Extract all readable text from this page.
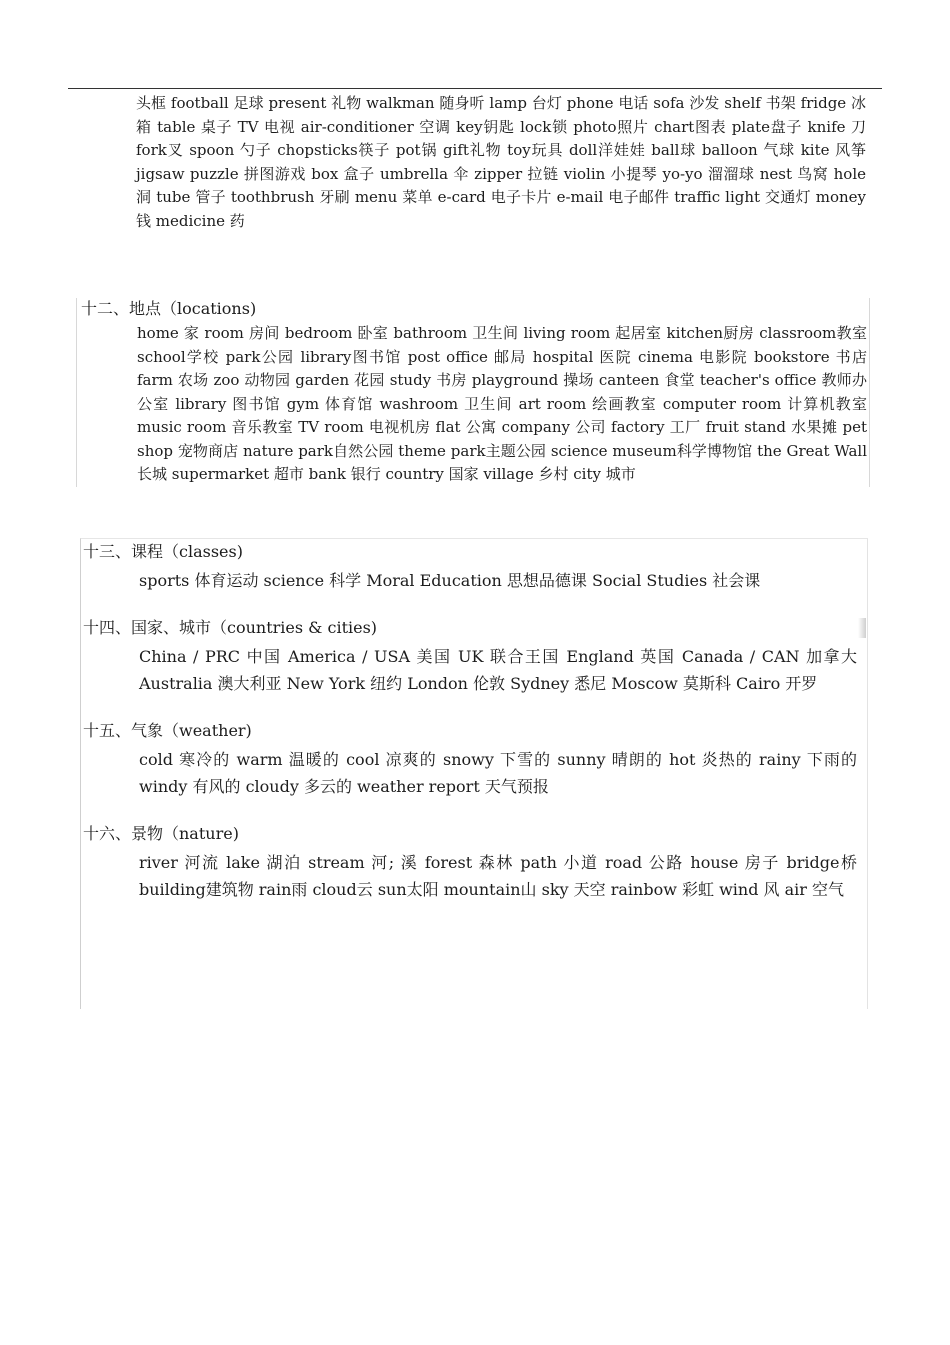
头框 football 足球 present 礼物 walkman 随身听 lamp 台灯 phone 电话 sofa 沙发 shelf 书架 fridge 冰箱 table 桌子 TV 电视 air-conditioner 空调 key钥匙 lock锁 photo照片 chart图表 plate盘子 knife 刀 fork叉 spoon 勺子 chopsticks筷子 pot锅 gift礼物 toy玩具 doll洋娃娃 ball球 balloon 气球 kite 风筝 jigsaw puzzle 拼图游戏 box 盒子 umbrella 伞 zipper 拉链 violin 小提琴 yo-yo 溜溜球 nest 鸟窝 hole 洞 tube 管子 toothbrush 牙刷 menu 菜单 e-card 电子卡片 e-mail 电子邮件 traffic light 交通灯 money 钱 medicine 药

十二、地点（locations)

home 家 room 房间 bedroom 卧室 bathroom 卫生间 living room 起居室 kitchen厨房 classroom教室 school学校 park公园 library图书馆 post office 邮局 hospital 医院 cinema 电影院 bookstore 书店 farm 农场 zoo 动物园 garden 花园 study 书房 playground 操场 canteen 食堂 teacher's office 教师办公室 library 图书馆 gym 体育馆 washroom 卫生间 art room 绘画教室 computer room 计算机教室 music room 音乐教室 TV room 电视机房 flat 公寓 company 公司 factory 工厂 fruit stand 水果摊 pet shop 宠物商店 nature park自然公园 theme park主题公园 science museum科学博物馆 the Great Wall 长城 supermarket 超市 bank 银行 country 国家 village 乡村 city 城市

十三、课程（classes)

sports 体育运动 science 科学 Moral Education 思想品德课 Social Studies 社会课

十四、国家、城市（countries & cities)

China / PRC 中国 America / USA 美国 UK 联合王国 England 英国 Canada / CAN 加拿大 Australia 澳大利亚 New York 纽约 London 伦敦 Sydney 悉尼 Moscow 莫斯科 Cairo 开罗

十五、气象（weather)

cold 寒冷的 warm 温暖的 cool 凉爽的 snowy 下雪的 sunny 晴朗的 hot 炎热的 rainy 下雨的 windy 有风的 cloudy 多云的 weather report 天气预报

十六、景物（nature)

river 河流 lake 湖泊 stream 河; 溪 forest 森林 path 小道 road 公路 house 房子 bridge桥 building建筑物 rain雨 cloud云 sun太阳 mountain山 sky 天空 rainbow 彩虹 wind 风 air 空气
